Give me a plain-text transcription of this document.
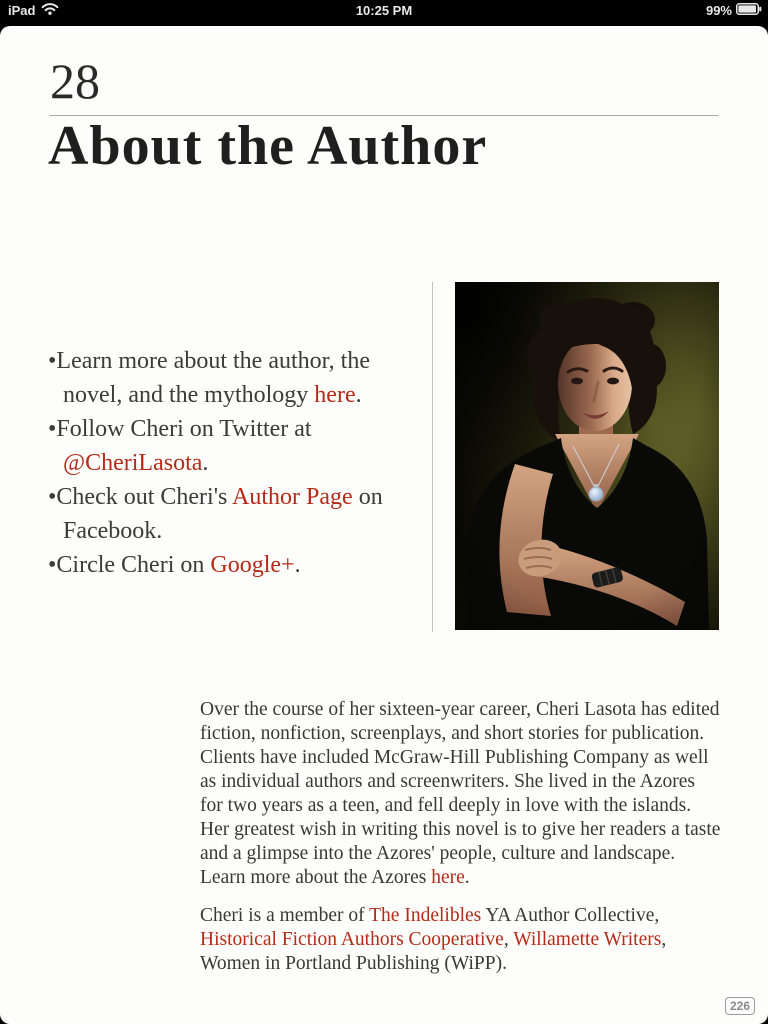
iPad	10:25 PM	99%
28
About the Author
•Learn more about the author, the novel, and the mythology here.
•Follow Cheri on Twitter at @CheriLasota.
•Check out Cheri's Author Page on Facebook.
•Circle Cheri on Google+.

Over the course of her sixteen-year career, Cheri Lasota has edited fiction, nonfiction, screenplays, and short stories for publication. Clients have included McGraw-Hill Publishing Company as well as individual authors and screenwriters. She lived in the Azores for two years as a teen, and fell deeply in love with the islands. Her greatest wish in writing this novel is to give her readers a taste and a glimpse into the Azores' people, culture and landscape. Learn more about the Azores here.

Cheri is a member of The Indelibles YA Author Collective, Historical Fiction Authors Cooperative, Willamette Writers, Women in Portland Publishing (WiPP).

226
